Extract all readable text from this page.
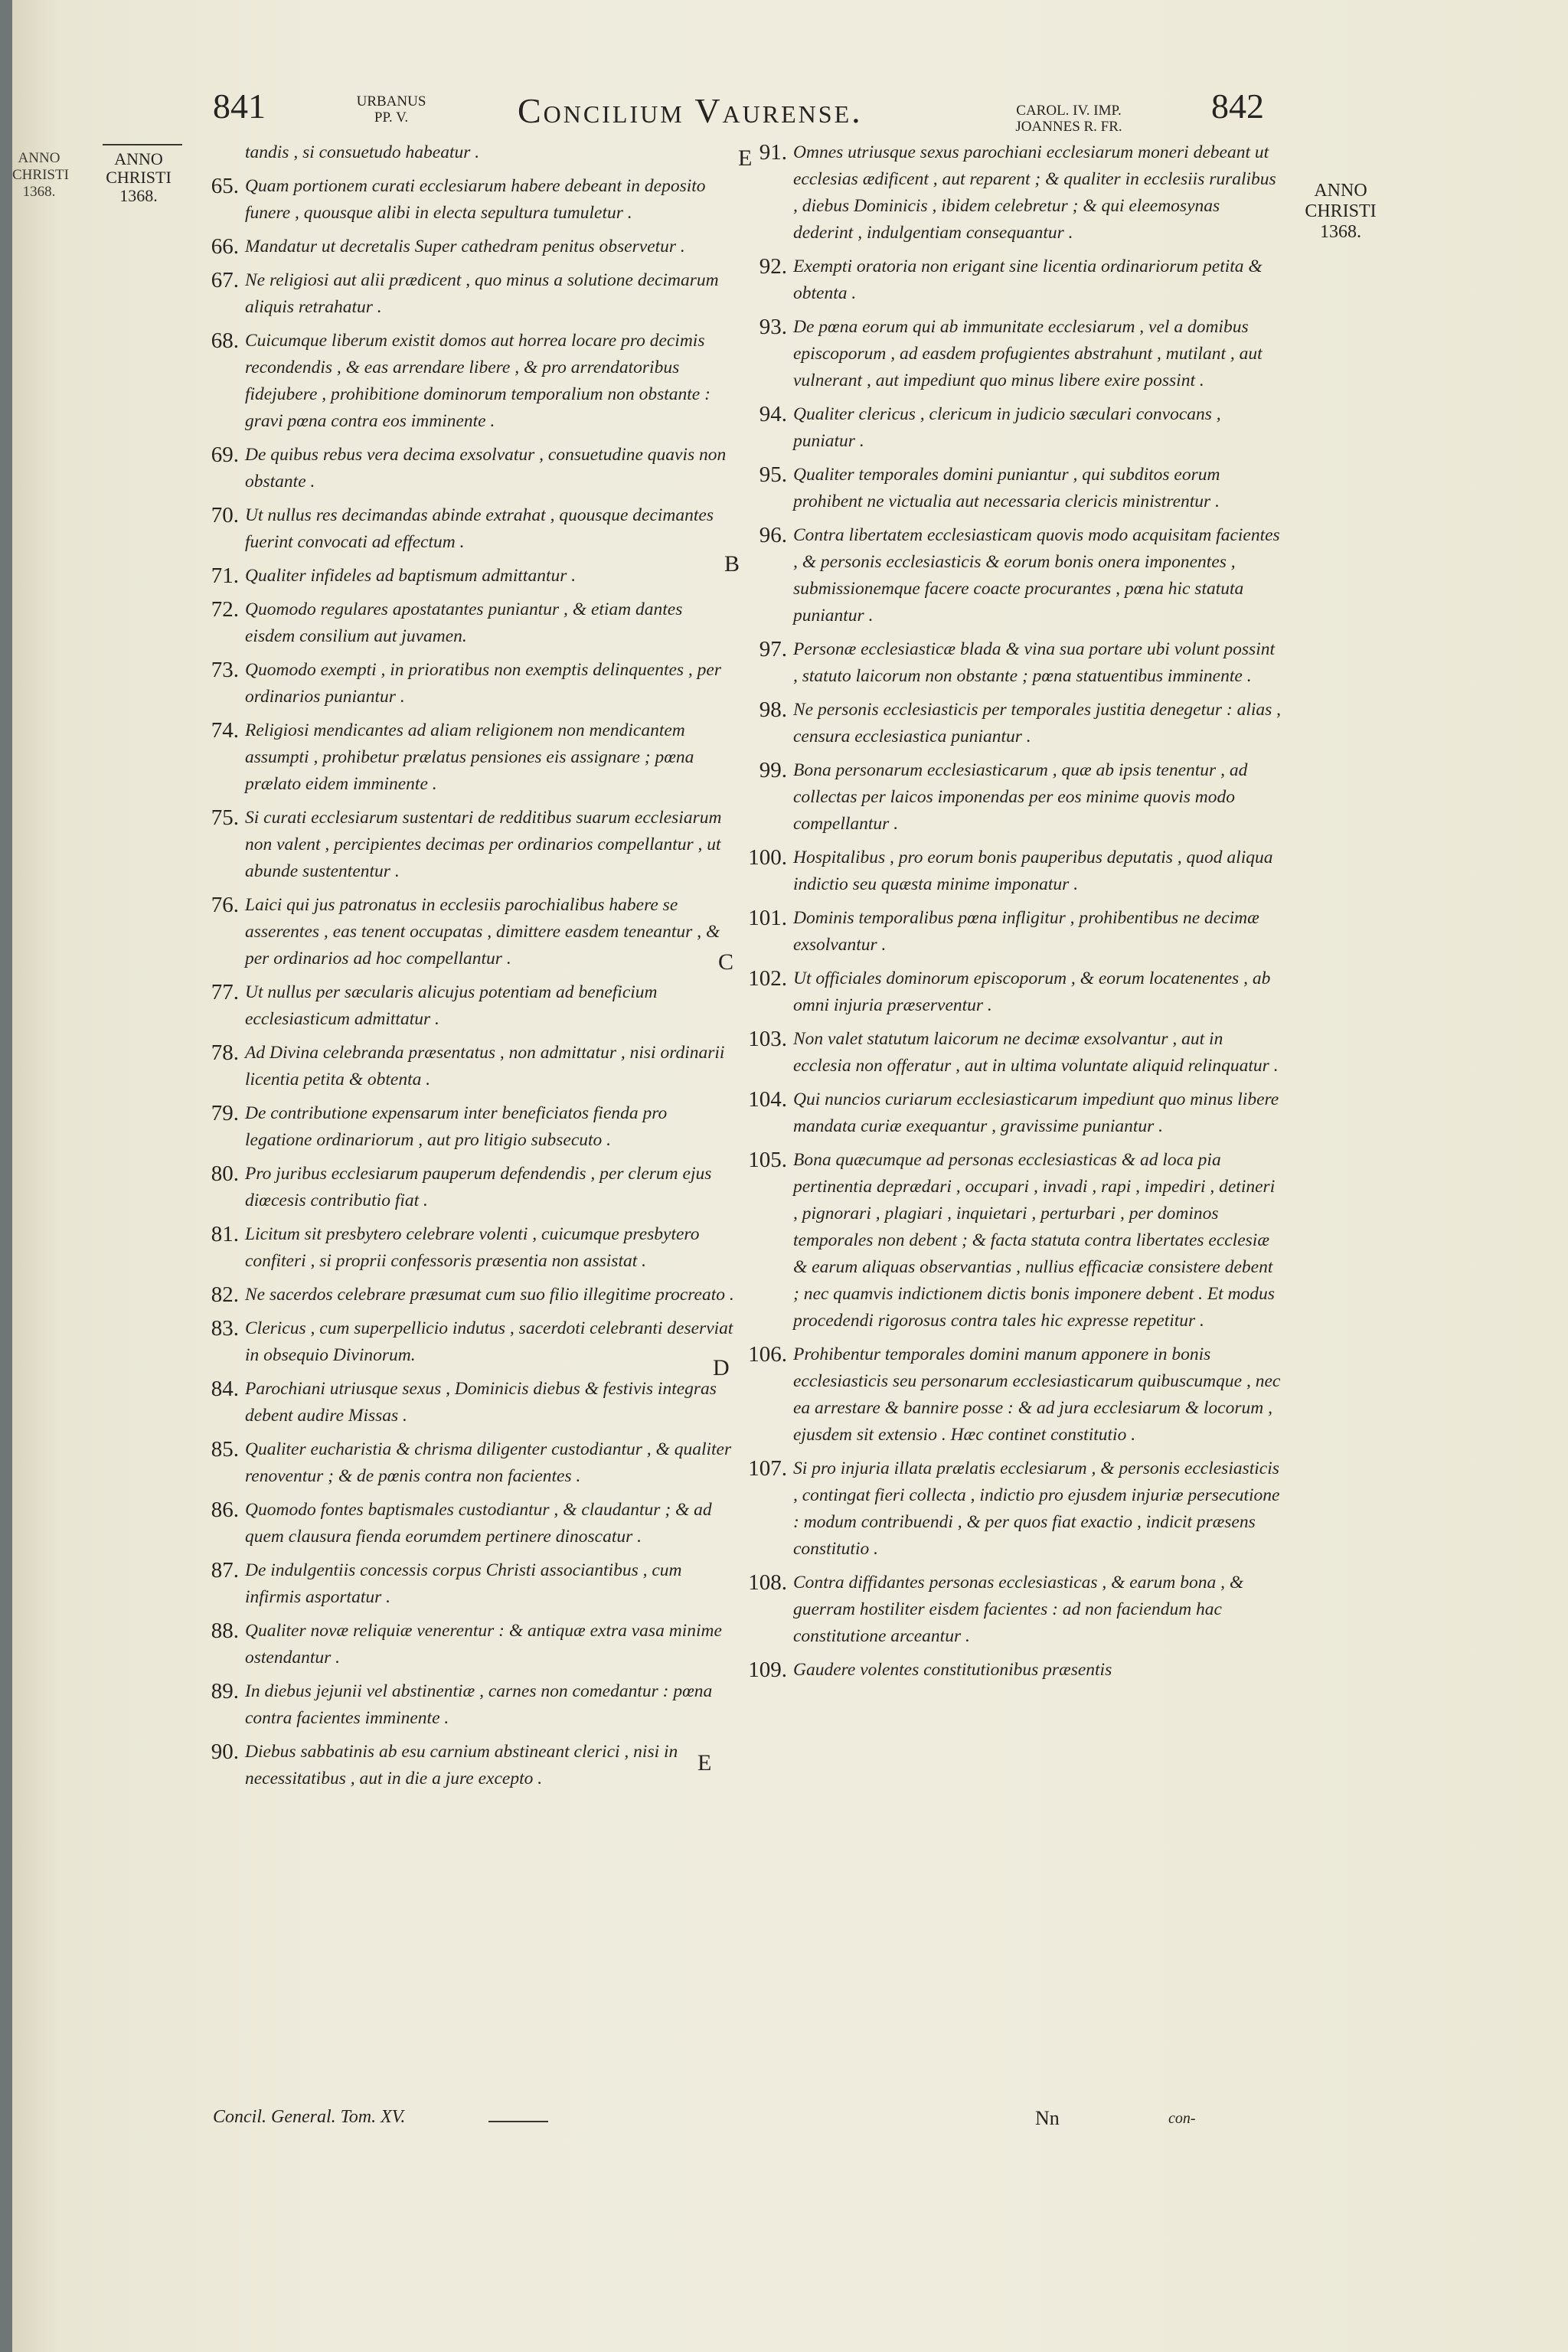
841	URBANUS
PP. V.	Concilium Vaurense.	CAROL. IV. IMP.
JOANNES R. FR.
842
ANNO
CHRISTI
1368.
ANNO
CHRISTI
1368.	ANNO
CHRISTI
1368.
E
B
C
D
E
tandis , si consuetudo habeatur .
65. Quam portionem curati ecclesiarum habere debeant in deposito funere , quousque alibi in electa sepultura tumuletur .
66. Mandatur ut decretalis Super cathedram penitus observetur .
67. Ne religiosi aut alii prædicent , quo minus a solutione decimarum aliquis retrahatur .
68. Cuicumque liberum existit domos aut horrea locare pro decimis recondendis , & eas arrendare libere , & pro arrendatoribus fidejubere , prohibitione dominorum temporalium non obstante : gravi pœna contra eos imminente .
69. De quibus rebus vera decima exsolvatur , consuetudine quavis non obstante .
70. Ut nullus res decimandas abinde extrahat , quousque decimantes fuerint convocati ad effectum .
71. Qualiter infideles ad baptismum admittantur .
72. Quomodo regulares apostatantes puniantur , & etiam dantes eisdem consilium aut juvamen.
73. Quomodo exempti , in prioratibus non exemptis delinquentes , per ordinarios puniantur .
74. Religiosi mendicantes ad aliam religionem non mendicantem assumpti , prohibetur prælatus pensiones eis assignare ; pœna prælato eidem imminente .
75. Si curati ecclesiarum sustentari de redditibus suarum ecclesiarum non valent , percipientes decimas per ordinarios compellantur , ut abunde sustententur .
76. Laici qui jus patronatus in ecclesiis parochialibus habere se asserentes , eas tenent occupatas , dimittere easdem teneantur , & per ordinarios ad hoc compellantur .
77. Ut nullus per sæcularis alicujus potentiam ad beneficium ecclesiasticum admittatur .
78. Ad Divina celebranda præsentatus , non admittatur , nisi ordinarii licentia petita & obtenta .
79. De contributione expensarum inter beneficiatos fienda pro legatione ordinariorum , aut pro litigio subsecuto .
80. Pro juribus ecclesiarum pauperum defendendis , per clerum ejus diœcesis contributio fiat .
81. Licitum sit presbytero celebrare volenti , cuicumque presbytero confiteri , si proprii confessoris præsentia non assistat .
82. Ne sacerdos celebrare præsumat cum suo filio illegitime procreato .
83. Clericus , cum superpellicio indutus , sacerdoti celebranti deserviat in obsequio Divinorum.
84. Parochiani utriusque sexus , Dominicis diebus & festivis integras debent audire Missas .
85. Qualiter eucharistia & chrisma diligenter custodiantur , & qualiter renoventur ; & de pœnis contra non facientes .
86. Quomodo fontes baptismales custodiantur , & claudantur ; & ad quem clausura fienda eorumdem pertinere dinoscatur .
87. De indulgentiis concessis corpus Christi associantibus , cum infirmis asportatur .
88. Qualiter novæ reliquiæ venerentur : & antiquæ extra vasa minime ostendantur .
89. In diebus jejunii vel abstinentiæ , carnes non comedantur : pœna contra facientes imminente .
90. Diebus sabbatinis ab esu carnium abstineant clerici , nisi in necessitatibus , aut in die a jure excepto .
91. Omnes utriusque sexus parochiani ecclesiarum moneri debeant ut ecclesias ædificent , aut reparent ; & qualiter in ecclesiis ruralibus , diebus Dominicis , ibidem celebretur ; & qui eleemosynas dederint , indulgentiam consequantur .
92. Exempti oratoria non erigant sine licentia ordinariorum petita & obtenta .
93. De pœna eorum qui ab immunitate ecclesiarum , vel a domibus episcoporum , ad easdem profugientes abstrahunt , mutilant , aut vulnerant , aut impediunt quo minus libere exire possint .
94. Qualiter clericus , clericum in judicio sæculari convocans , puniatur .
95. Qualiter temporales domini puniantur , qui subditos eorum prohibent ne victualia aut necessaria clericis ministrentur .
96. Contra libertatem ecclesiasticam quovis modo acquisitam facientes , & personis ecclesiasticis & eorum bonis onera imponentes , submissionemque facere coacte procurantes , pœna hic statuta puniantur .
97. Personæ ecclesiasticæ blada & vina sua portare ubi volunt possint , statuto laicorum non obstante ; pœna statuentibus imminente .
98. Ne personis ecclesiasticis per temporales justitia denegetur : alias , censura ecclesiastica puniantur .
99. Bona personarum ecclesiasticarum , quæ ab ipsis tenentur , ad collectas per laicos imponendas per eos minime quovis modo compellantur .
100. Hospitalibus , pro eorum bonis pauperibus deputatis , quod aliqua indictio seu quæsta minime imponatur .
101. Dominis temporalibus pœna infligitur , prohibentibus ne decimæ exsolvantur .
102. Ut officiales dominorum episcoporum , & eorum locatenentes , ab omni injuria præserventur .
103. Non valet statutum laicorum ne decimæ exsolvantur , aut in ecclesia non offeratur , aut in ultima voluntate aliquid relinquatur .
104. Qui nuncios curiarum ecclesiasticarum impediunt quo minus libere mandata curiæ exequantur , gravissime puniantur .
105. Bona quæcumque ad personas ecclesiasticas & ad loca pia pertinentia deprædari , occupari , invadi , rapi , impediri , detineri , pignorari , plagiari , inquietari , perturbari , per dominos temporales non debent ; & facta statuta contra libertates ecclesiæ & earum aliquas observantias , nullius efficaciæ consistere debent ; nec quamvis indictionem dictis bonis imponere debent . Et modus procedendi rigorosus contra tales hic expresse repetitur .
106. Prohibentur temporales domini manum apponere in bonis ecclesiasticis seu personarum ecclesiasticarum quibuscumque , nec ea arrestare & bannire posse : & ad jura ecclesiarum & locorum , ejusdem sit extensio . Hæc continet constitutio .
107. Si pro injuria illata prælatis ecclesiarum , & personis ecclesiasticis , contingat fieri collecta , indictio pro ejusdem injuriæ persecutione : modum contribuendi , & per quos fiat exactio , indicit præsens constitutio .
108. Contra diffidantes personas ecclesiasticas , & earum bona , & guerram hostiliter eisdem facientes : ad non faciendum hac constitutione arceantur .
109. Gaudere volentes constitutionibus præsentis
Concil. General. Tom. XV.	Nn	con-
